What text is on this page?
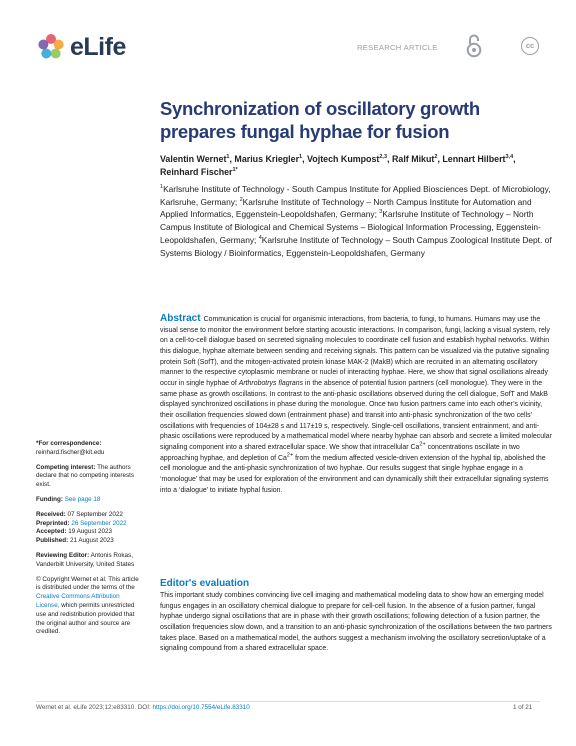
eLife	RESEARCH ARTICLE	cc
Synchronization of oscillatory growth prepares fungal hyphae for fusion
Valentin Wernet$^1$, Marius Kriegler$^1$, Vojtech Kumpost$^{2,3}$, Ralf Mikut$^2$, Lennart Hilbert$^{3,4}$, Reinhard Fischer$^{1*}$
$^1$Karlsruhe Institute of Technology - South Campus Institute for Applied Biosciences Dept. of Microbiology, Karlsruhe, Germany; $^2$Karlsruhe Institute of Technology – North Campus Institute for Automation and Applied Informatics, Eggenstein-Leopoldshafen, Germany; $^3$Karlsruhe Institute of Technology – North Campus Institute of Biological and Chemical Systems – Biological Information Processing, Eggenstein-Leopoldshafen, Germany; $^4$Karlsruhe Institute of Technology – South Campus Zoological Institute Dept. of Systems Biology / Bioinformatics, Eggenstein-Leopoldshafen, Germany
Abstract Communication is crucial for organismic interactions, from bacteria, to fungi, to humans. Humans may use the visual sense to monitor the environment before starting acoustic interactions. In comparison, fungi, lacking a visual system, rely on a cell-to-cell dialogue based on secreted signaling molecules to coordinate cell fusion and establish hyphal networks. Within this dialogue, hyphae alternate between sending and receiving signals. This pattern can be visualized via the putative signaling protein Soft (SofT), and the mitogen-activated protein kinase MAK-2 (MakB) which are recruited in an alternating oscillatory manner to the respective cytoplasmic membrane or nuclei of interacting hyphae. Here, we show that signal oscillations already occur in single hyphae of Arthrobotrys flagrans in the absence of potential fusion partners (cell monologue). They were in the same phase as growth oscillations. In contrast to the anti-phasic oscillations observed during the cell dialogue, SofT and MakB displayed synchronized oscillations in phase during the monologue. Once two fusion partners came into each other’s vicinity, their oscillation frequencies slowed down (entrainment phase) and transit into anti-phasic synchronization of the two cells’ oscillations with frequencies of 104±28 s and 117±19 s, respectively. Single-cell oscillations, transient entrainment, and anti-phasic oscillations were reproduced by a mathematical model where nearby hyphae can absorb and secrete a limited molecular signaling component into a shared extracellular space. We show that intracellular $Ca^{2+}$ concentrations oscillate in two approaching hyphae, and depletion of $Ca^{2+}$ from the medium affected vesicle-driven extension of the hyphal tip, abolished the cell monologue and the anti-phasic synchronization of two hyphae. Our results suggest that single hyphae engage in a ‘monologue’ that may be used for exploration of the environment and can dynamically shift their extracellular signaling systems into a ‘dialogue’ to initiate hyphal fusion.
Editor's evaluation
This important study combines convincing live cell imaging and mathematical modeling data to show how an emerging model fungus engages in an oscillatory chemical dialogue to prepare for cell-cell fusion. In the absence of a fusion partner, fungal hyphae undergo signal oscillations that are in phase with their growth oscillations; following detection of a fusion partner, the oscillation frequencies slow down, and a transition to an anti-phasic synchronization of the oscillations between the two partners takes place. Based on a mathematical model, the authors suggest a mechanism involving the oscillatory secretion/uptake of a signaling compound from a shared extracellular space.
*For correspondence:
reinhard.fischer@kit.edu
Competing interest: The authors declare that no competing interests exist.
Funding: See page 18
Received: 07 September 2022
Preprinted: 26 September 2022
Accepted: 19 August 2023
Published: 21 August 2023
Reviewing Editor: Antonis Rokas, Vanderbilt University, United States
© Copyright Wernet et al. This article is distributed under the terms of the Creative Commons Attribution License, which permits unrestricted use and redistribution provided that the original author and source are credited.
Wernet et al. eLife 2023;12:e83310. DOI: https://doi.org/10.7554/eLife.83310	1 of 21
